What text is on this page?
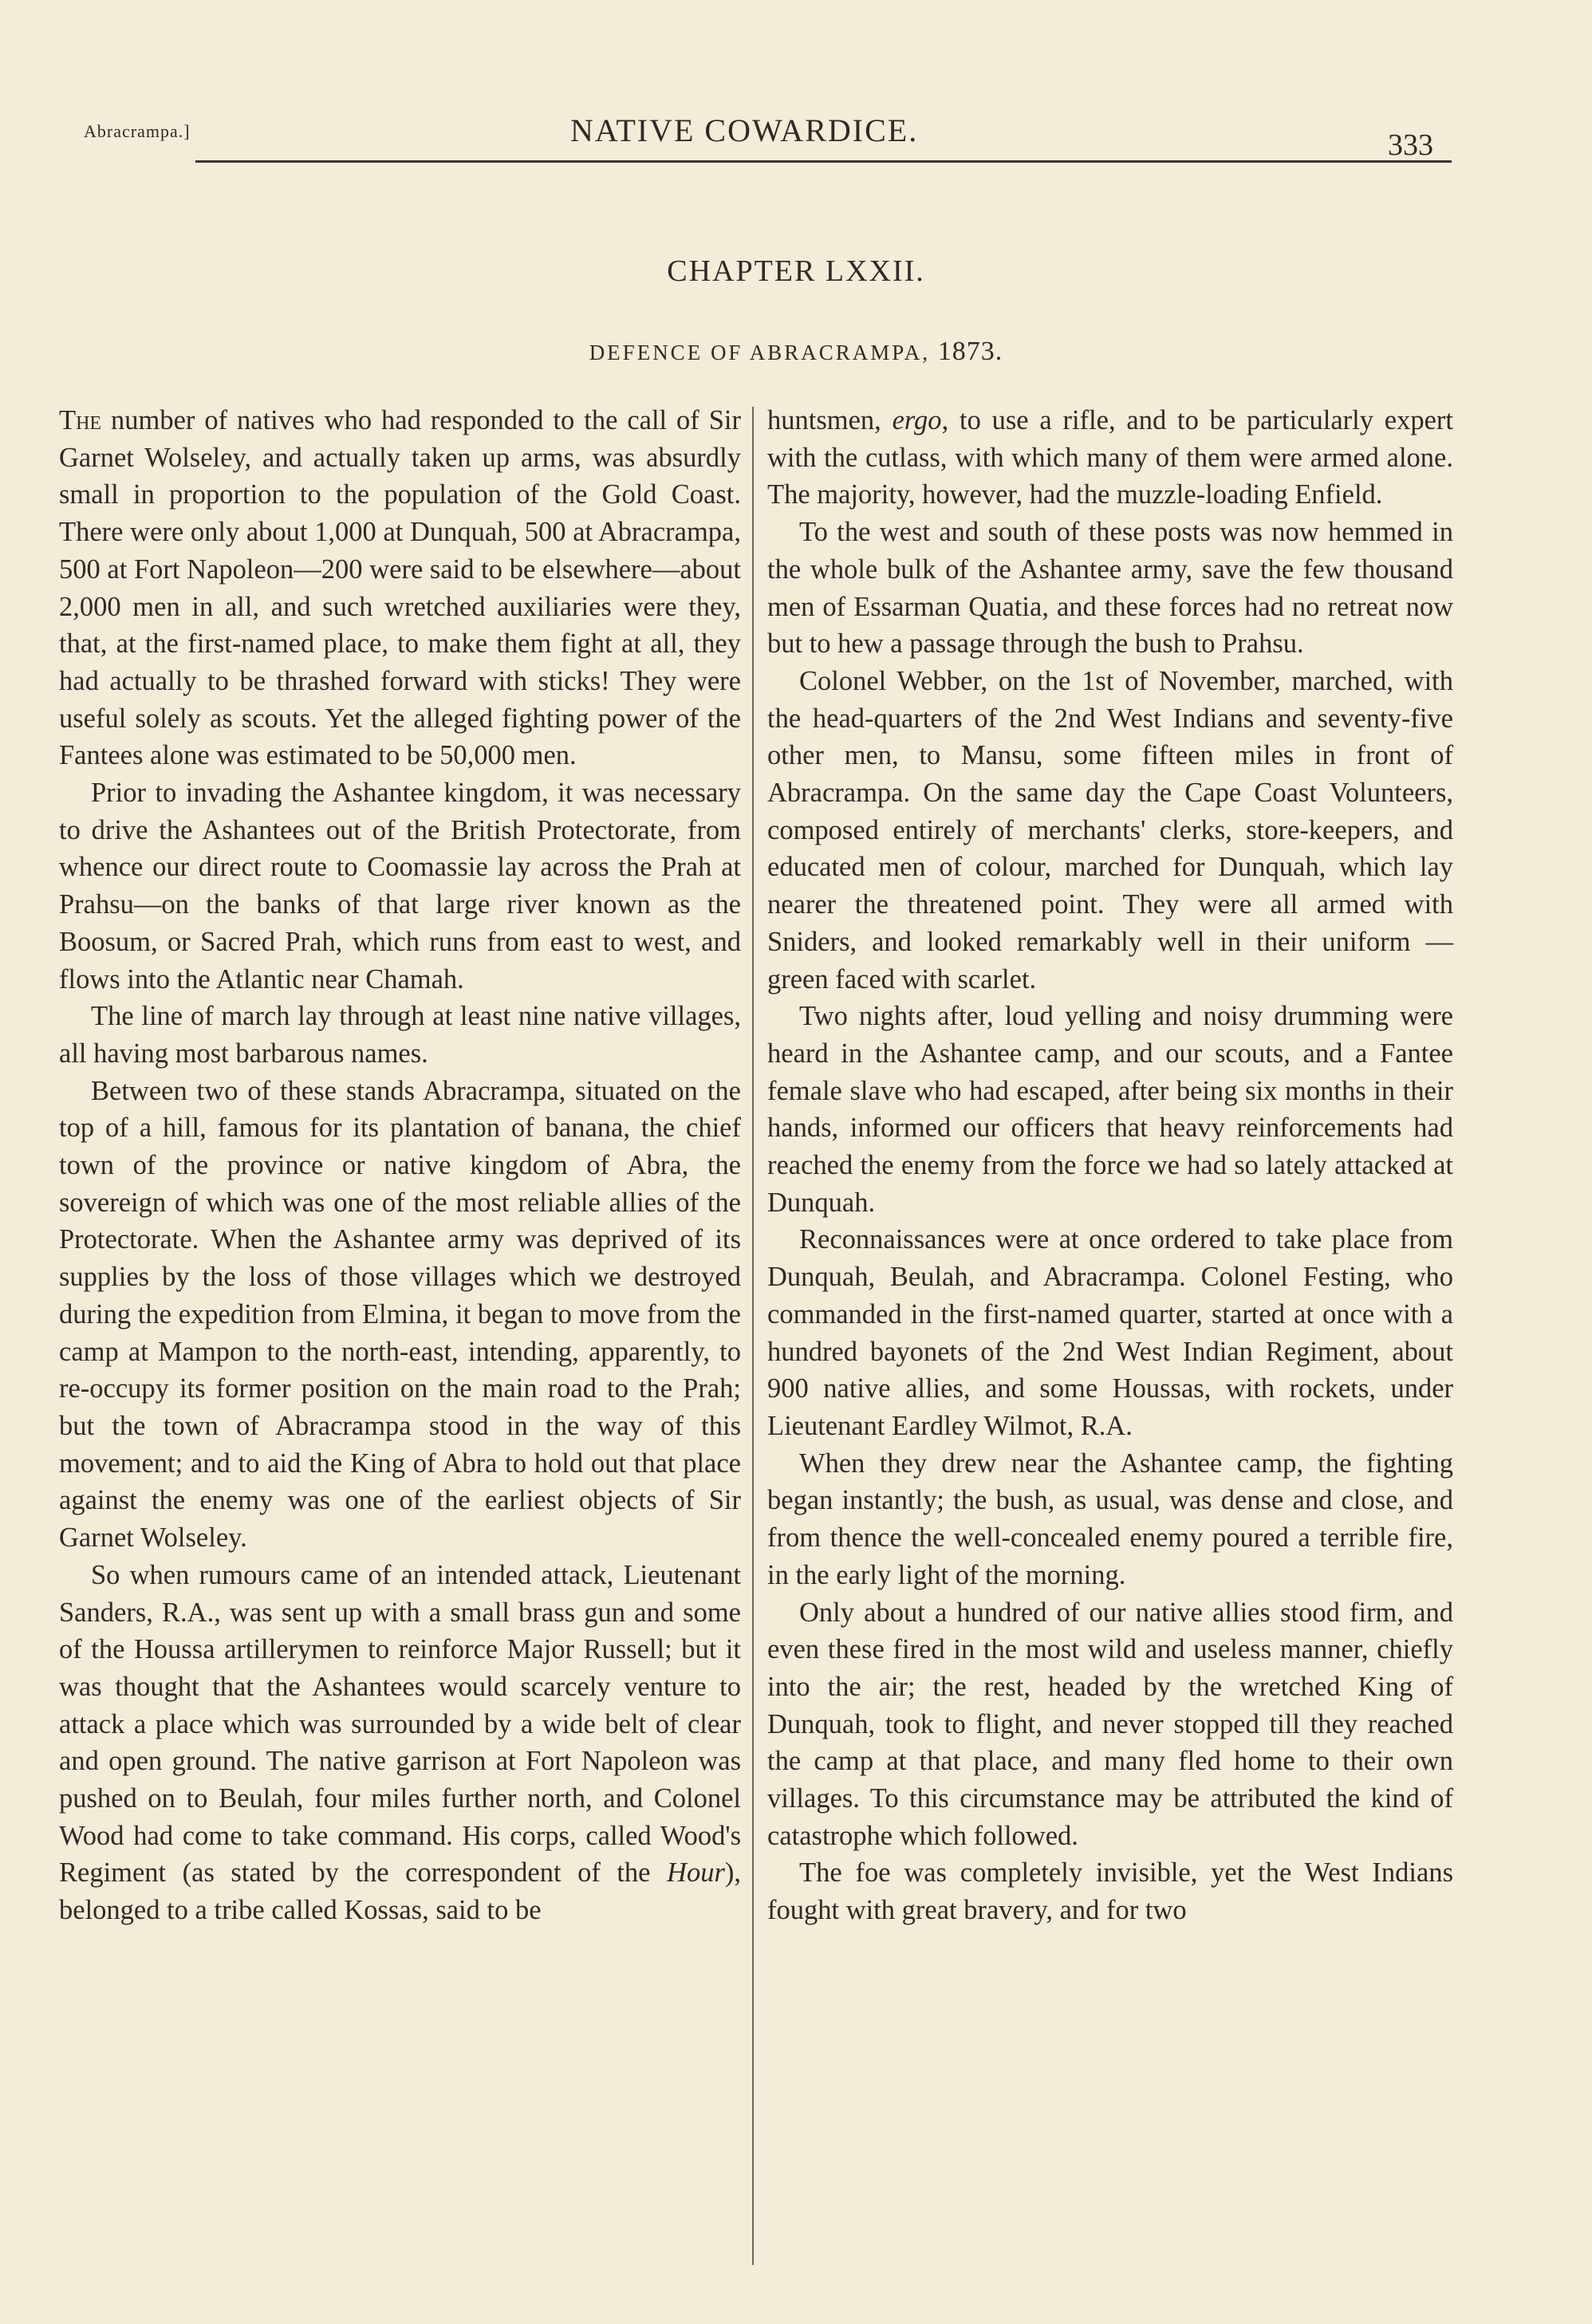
Abracrampa.]	NATIVE COWARDICE.	333
CHAPTER LXXII.
DEFENCE OF ABRACRAMPA, 1873.

The number of natives who had responded to the call of Sir Garnet Wolseley, and actually taken up arms, was absurdly small in proportion to the population of the Gold Coast. There were only about 1,000 at Dunquah, 500 at Abracrampa, 500 at Fort Napoleon—200 were said to be elsewhere—about 2,000 men in all, and such wretched auxiliaries were they, that, at the first-named place, to make them fight at all, they had actually to be thrashed forward with sticks! They were useful solely as scouts. Yet the alleged fighting power of the Fantees alone was estimated to be 50,000 men.

Prior to invading the Ashantee kingdom, it was necessary to drive the Ashantees out of the British Protectorate, from whence our direct route to Coomassie lay across the Prah at Prahsu—on the banks of that large river known as the Boosum, or Sacred Prah, which runs from east to west, and flows into the Atlantic near Chamah.

The line of march lay through at least nine native villages, all having most barbarous names.

Between two of these stands Abracrampa, situated on the top of a hill, famous for its plantation of banana, the chief town of the province or native kingdom of Abra, the sovereign of which was one of the most reliable allies of the Protectorate. When the Ashantee army was deprived of its supplies by the loss of those villages which we destroyed during the expedition from Elmina, it began to move from the camp at Mampon to the north-east, intending, apparently, to re-occupy its former position on the main road to the Prah; but the town of Abracrampa stood in the way of this movement; and to aid the King of Abra to hold out that place against the enemy was one of the earliest objects of Sir Garnet Wolseley.

So when rumours came of an intended attack, Lieutenant Sanders, R.A., was sent up with a small brass gun and some of the Houssa artillerymen to reinforce Major Russell; but it was thought that the Ashantees would scarcely venture to attack a place which was surrounded by a wide belt of clear and open ground. The native garrison at Fort Napoleon was pushed on to Beulah, four miles further north, and Colonel Wood had come to take command. His corps, called Wood's Regiment (as stated by the correspondent of the Hour), belonged to a tribe called Kossas, said to be

huntsmen, ergo, to use a rifle, and to be particularly expert with the cutlass, with which many of them were armed alone. The majority, however, had the muzzle-loading Enfield.

To the west and south of these posts was now hemmed in the whole bulk of the Ashantee army, save the few thousand men of Essarman Quatia, and these forces had no retreat now but to hew a passage through the bush to Prahsu.

Colonel Webber, on the 1st of November, marched, with the head-quarters of the 2nd West Indians and seventy-five other men, to Mansu, some fifteen miles in front of Abracrampa. On the same day the Cape Coast Volunteers, composed entirely of merchants' clerks, store-keepers, and educated men of colour, marched for Dunquah, which lay nearer the threatened point. They were all armed with Sniders, and looked remarkably well in their uniform — green faced with scarlet.

Two nights after, loud yelling and noisy drumming were heard in the Ashantee camp, and our scouts, and a Fantee female slave who had escaped, after being six months in their hands, informed our officers that heavy reinforcements had reached the enemy from the force we had so lately attacked at Dunquah.

Reconnaissances were at once ordered to take place from Dunquah, Beulah, and Abracrampa. Colonel Festing, who commanded in the first-named quarter, started at once with a hundred bayonets of the 2nd West Indian Regiment, about 900 native allies, and some Houssas, with rockets, under Lieutenant Eardley Wilmot, R.A.

When they drew near the Ashantee camp, the fighting began instantly; the bush, as usual, was dense and close, and from thence the well-concealed enemy poured a terrible fire, in the early light of the morning.

Only about a hundred of our native allies stood firm, and even these fired in the most wild and useless manner, chiefly into the air; the rest, headed by the wretched King of Dunquah, took to flight, and never stopped till they reached the camp at that place, and many fled home to their own villages. To this circumstance may be attributed the kind of catastrophe which followed.

The foe was completely invisible, yet the West Indians fought with great bravery, and for two
